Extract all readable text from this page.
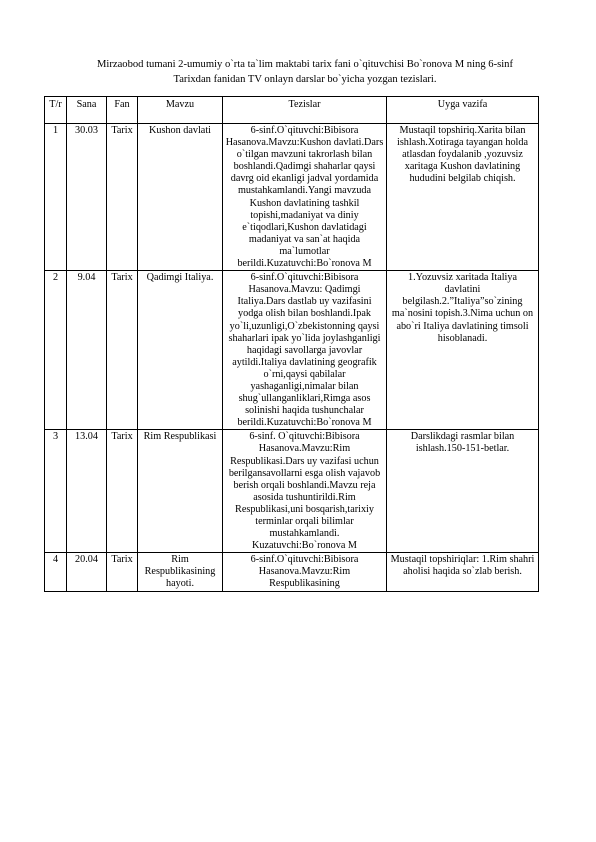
Mirzaobod tumani 2-umumiy o`rta ta`lim maktabi tarix fani o`qituvchisi Bo`ronova M ning 6-sinf
Tarixdan fanidan TV onlayn darslar bo`yicha yozgan tezislari.
T/r	Sana	Fan	Mavzu	Tezislar	Uyga vazifa
1	30.03	Tarix	Kushon davlati	6-sinf.O`qituvchi:Bibisora Hasanova.Mavzu:Kushon davlati.Dars o`tilgan mavzuni takrorlash bilan boshlandi.Qadimgi shaharlar qaysi davrg oid ekanligi jadval yordamida mustahkamlandi.Yangi mavzuda Kushon davlatining tashkil topishi,madaniyat va diniy e`tiqodlari,Kushon davlatidagi madaniyat va san`at haqida ma`lumotlar berildi.Kuzatuvchi:Bo`ronova M	Mustaqil topshiriq.Xarita bilan ishlash.Xotiraga tayangan holda atlasdan foydalanib ,yozuvsiz xaritaga Kushon davlatining hududini belgilab chiqish.
2	9.04	Tarix	Qadimgi Italiya.	6-sinf.O`qituvchi:Bibisora Hasanova.Mavzu: Qadimgi Italiya.Dars dastlab uy vazifasini yodga olish bilan boshlandi.Ipak yo`li,uzunligi,O`zbekistonning qaysi shaharlari ipak yo`lida joylashganligi haqidagi savollarga javovlar aytildi.Italiya davlatining geografik o`rni,qaysi qabilalar yashaganligi,nimalar bilan shug`ullanganliklari,Rimga asos solinishi haqida tushunchalar berildi.Kuzatuvchi:Bo`ronova M	1.Yozuvsiz xaritada Italiya davlatini belgilash.2.”Italiya”so`zining ma`nosini topish.3.Nima uchun on abo`ri Italiya davlatining timsoli hisoblanadi.
3	13.04	Tarix	Rim Respublikasi	6-sinf. O`qituvchi:Bibisora Hasanova.Mavzu:Rim Respublikasi.Dars uy vazifasi uchun berilgansavollarni esga olish vajavob berish orqali boshlandi.Mavzu reja asosida tushuntirildi.Rim Respublikasi,uni bosqarish,tarixiy terminlar orqali bilimlar mustahkamlandi. Kuzatuvchi:Bo`ronova M	Darslikdagi rasmlar bilan ishlash.150-151-betlar.
4	20.04	Tarix	Rim Respublikasining hayoti.	6-sinf.O`qituvchi:Bibisora Hasanova.Mavzu:Rim Respublikasining	Mustaqil topshiriqlar: 1.Rim shahri aholisi haqida so`zlab berish.
